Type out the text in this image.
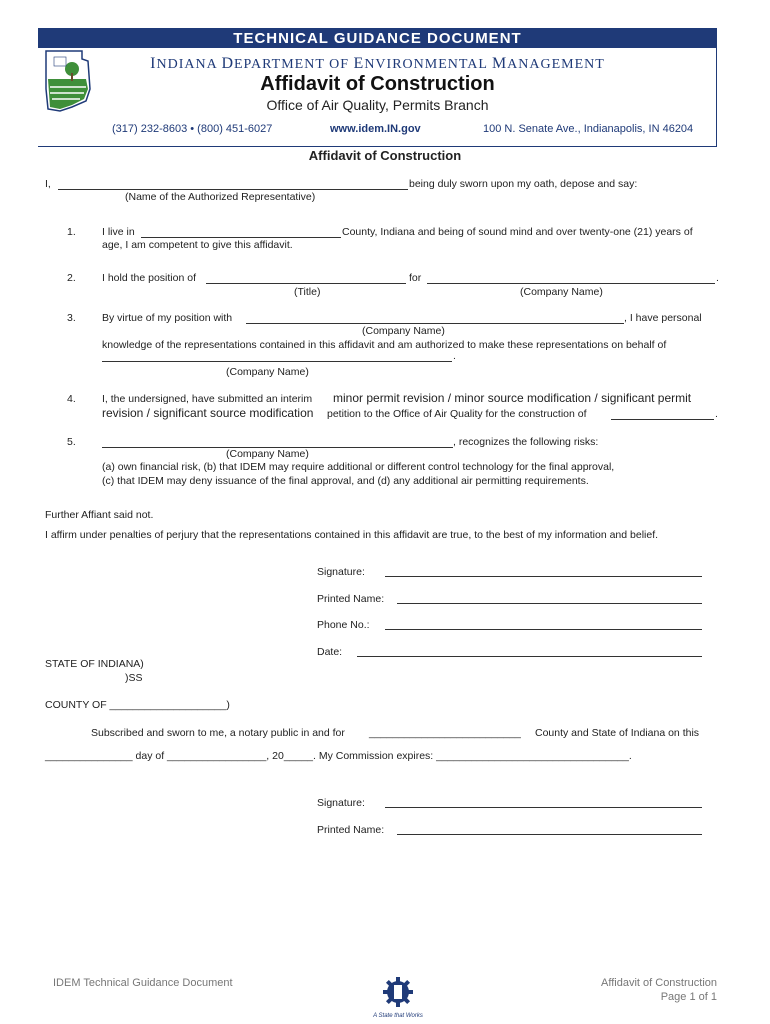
TECHNICAL GUIDANCE DOCUMENT
INDIANA DEPARTMENT OF ENVIRONMENTAL MANAGEMENT
Affidavit of Construction
Office of Air Quality, Permits Branch
(317) 232-8603 • (800) 451-6027	www.idem.IN.gov	100 N. Senate Ave., Indianapolis, IN 46204
Affidavit of Construction
I,	being duly sworn upon my oath, depose and say:
(Name of the Authorized Representative)
1. I live in	County, Indiana and being of sound mind and over twenty-one (21) years of
age, I am competent to give this affidavit.
2. I hold the position of	for	.
(Title)	(Company Name)
3. By virtue of my position with	, I have personal
(Company Name)
knowledge of the representations contained in this affidavit and am authorized to make these representations on behalf of
.
(Company Name)
4. I, the undersigned, have submitted an interim minor permit revision / minor source modification / significant permit
revision / significant source modification petition to the Office of Air Quality for the construction of	.
5.	, recognizes the following risks:
(Company Name)
(a) own financial risk, (b) that IDEM may require additional or different control technology for the final approval,
(c) that IDEM may deny issuance of the final approval, and (d) any additional air permitting requirements.
Further Affiant said not.
I affirm under penalties of perjury that the representations contained in this affidavit are true, to the best of my information and belief.
Signature:
Printed Name:
Phone No.:
Date:
STATE OF INDIANA)
)SS
COUNTY OF ____________________)
Subscribed and sworn to me, a notary public in and for __________________________ County and State of Indiana on this
_______________ day of _________________, 20_____. My Commission expires: _________________________________.
Signature:
Printed Name:
IDEM Technical Guidance Document	Affidavit of Construction
Page 1 of 1
A State that Works
